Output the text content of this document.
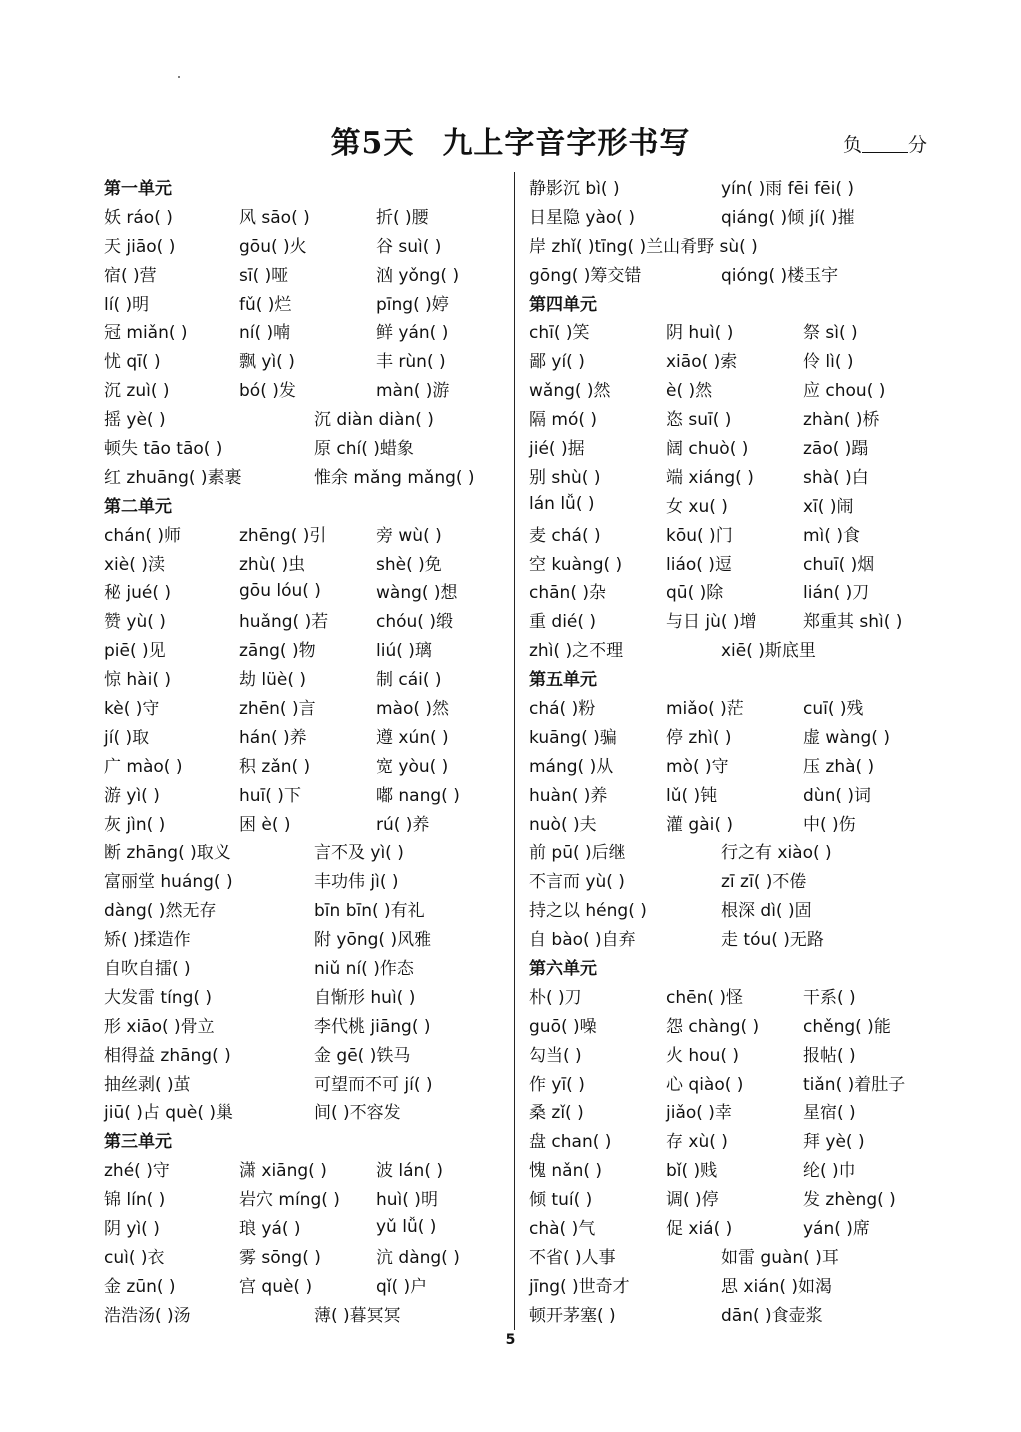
第5天 九上字音字形书写	负 分
第一单元
妖 ráo( )	风 sāo( )	折( )腰
天 jiāo( )	gōu( )火	谷 suì( )
宿( )营	sī( )哑	汹 yǒng( )
lí( )明	fǔ( )烂	pīng( )婷
冠 miǎn( )	ní( )喃	鲜 yán( )
忧 qī( )	飘 yì( )	丰 rùn( )
沉 zuì( )	bó( )发	màn( )游
摇 yè( )	沉 diàn diàn( )
顿失 tāo tāo( )	原 chí( )蜡象
红 zhuāng( )素裹	惟余 mǎng mǎng( )
第二单元
chán( )师	zhēng( )引	旁 wù( )
xiè( )渎	zhù( )虫	shè( )免
秘 jué( )	gōu lóu( )	wàng( )想
赞 yù( )	huǎng( )若	chóu( )缎
piē( )见	zāng( )物	liú( )璃
惊 hài( )	劫 lüè( )	制 cái( )
kè( )守	zhēn( )言	mào( )然
jí( )取	hán( )养	遵 xún( )
广 mào( )	积 zǎn( )	宽 yòu( )
游 yì( )	huī( )下	嘟 nang( )
灰 jìn( )	困 è( )	rú( )养
断 zhāng( )取义	言不及 yì( )
富丽堂 huáng( )	丰功伟 jì( )
dàng( )然无存	bīn bīn( )有礼
矫( )揉造作	附 yōng( )风雅
自吹自擂( )	niǔ ní( )作态
大发雷 tíng( )	自惭形 huì( )
形 xiāo( )骨立	李代桃 jiāng( )
相得益 zhāng( )	金 gē( )铁马
抽丝剥( )茧	可望而不可 jí( )
jiū( )占 què( )巢	间( )不容发
第三单元
zhé( )守	潇 xiāng( )	波 lán( )
锦 lín( )	岩穴 míng( )	huì( )明
阴 yì( )	琅 yá( )	yǔ lǚ( )
cuì( )衣	雾 sōng( )	沆 dàng( )
金 zūn( )	宫 què( )	qǐ( )户
浩浩汤( )汤	薄( )暮冥冥
静影沉 bì( )	yín( )雨 fēi fēi( )
日星隐 yào( )	qiáng( )倾 jí( )摧
岸 zhǐ( )tīng( )兰山肴野 sù( )
gōng( )筹交错	qióng( )楼玉宇
第四单元
chī( )笑	阴 huì( )	祭 sì( )
鄙 yí( )	xiāo( )索	伶 lì( )
wǎng( )然	è( )然	应 chou( )
隔 mó( )	恣 suī( )	zhàn( )桥
jié( )据	阔 chuò( )	zāo( )蹋
别 shù( )	端 xiáng( )	shà( )白
lán lǚ( )	女 xu( )	xī( )闹
麦 chá( )	kōu( )门	mì( )食
空 kuàng( )	liáo( )逗	chuī( )烟
chān( )杂	qū( )除	lián( )刀
重 dié( )	与日 jù( )增	郑重其 shì( )
zhì( )之不理	xiē( )斯底里
第五单元
chá( )粉	miǎo( )茫	cuī( )残
kuāng( )骗	停 zhì( )	虚 wàng( )
máng( )从	mò( )守	压 zhà( )
huàn( )养	lǔ( )钝	dùn( )词
nuò( )夫	灌 gài( )	中( )伤
前 pū( )后继	行之有 xiào( )
不言而 yù( )	zī zī( )不倦
持之以 héng( )	根深 dì( )固
自 bào( )自弃	走 tóu( )无路
第六单元
朴( )刀	chēn( )怪	干系( )
guō( )噪	怨 chàng( )	chěng( )能
勾当( )	火 hou( )	报帖( )
作 yī( )	心 qiào( )	tiǎn( )着肚子
桑 zǐ( )	jiǎo( )幸	星宿( )
盘 chan( )	存 xù( )	拜 yè( )
愧 nǎn( )	bǐ( )贱	纶( )巾
倾 tuí( )	调( )停	发 zhèng( )
chà( )气	促 xiá( )	yán( )席
不省( )人事	如雷 guàn( )耳
jīng( )世奇才	思 xián( )如渴
顿开茅塞( )	dān( )食壶浆
5
